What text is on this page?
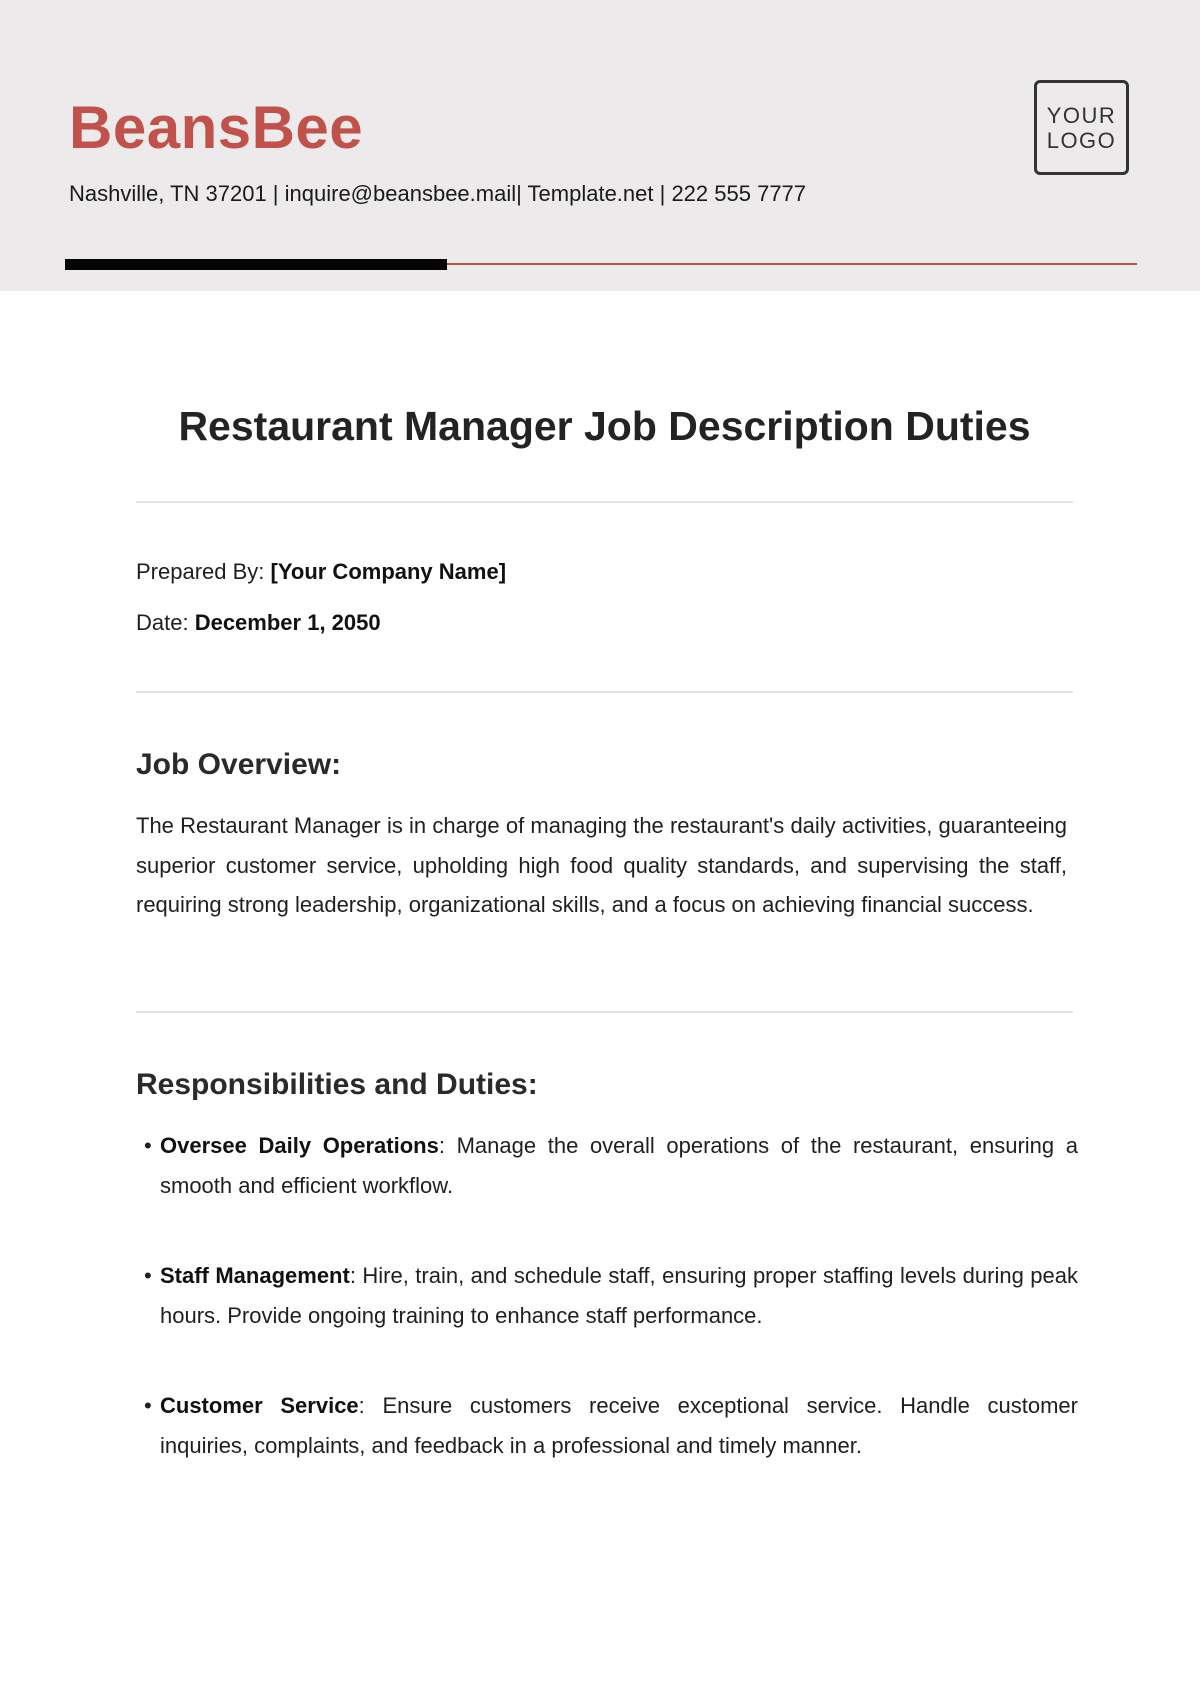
BeansBee
Nashville, TN 37201 | inquire@beansbee.mail| Template.net | 222 555 7777
YOUR
LOGO
Restaurant Manager Job Description Duties
Prepared By: [Your Company Name]
Date: December 1, 2050
Job Overview:
The Restaurant Manager is in charge of managing the restaurant's daily activities, guaranteeing superior customer service, upholding high food quality standards, and supervising the staff, requiring strong leadership, organizational skills, and a focus on achieving financial success.
Responsibilities and Duties:
• Oversee Daily Operations: Manage the overall operations of the restaurant, ensuring a smooth and efficient workflow.
• Staff Management: Hire, train, and schedule staff, ensuring proper staffing levels during peak hours. Provide ongoing training to enhance staff performance.
• Customer Service: Ensure customers receive exceptional service. Handle customer inquiries, complaints, and feedback in a professional and timely manner.
